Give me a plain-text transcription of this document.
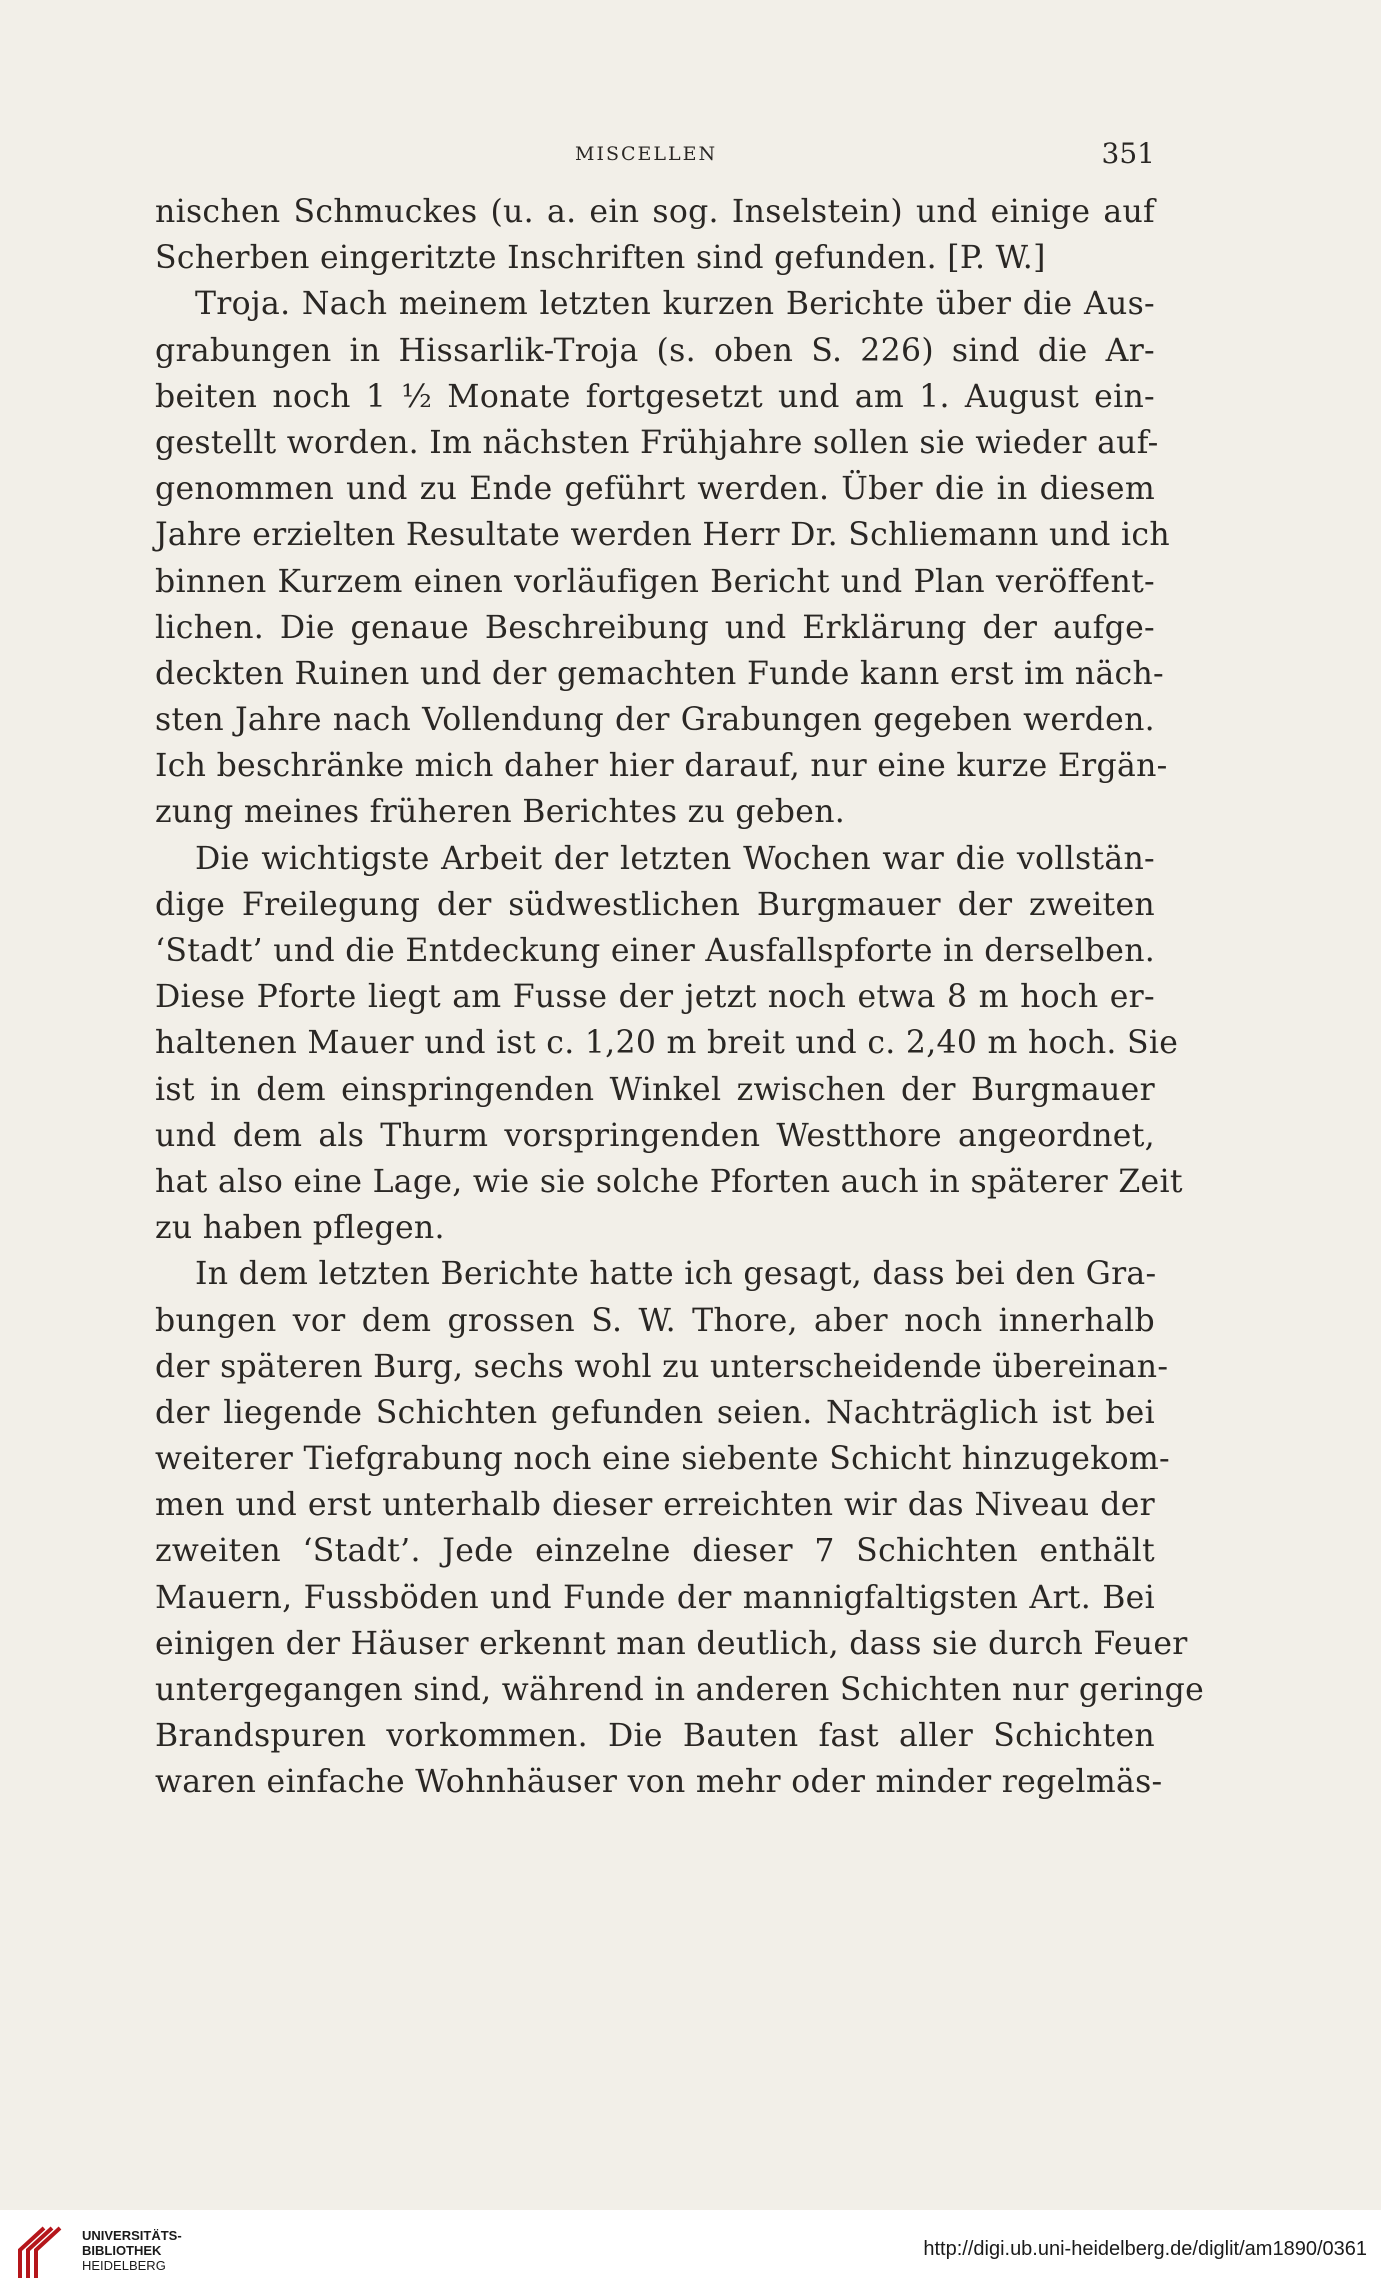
MISCELLEN	351
nischen Schmuckes (u. a. ein sog. Inselstein) und einige auf
Scherben eingeritzte Inschriften sind gefunden. [P. W.]
Troja. Nach meinem letzten kurzen Berichte über die Aus-
grabungen in Hissarlik-Troja (s. oben S. 226) sind die Ar-
beiten noch 1 ½ Monate fortgesetzt und am 1. August ein-
gestellt worden. Im nächsten Frühjahre sollen sie wieder auf-
genommen und zu Ende geführt werden. Über die in diesem
Jahre erzielten Resultate werden Herr Dr. Schliemann und ich
binnen Kurzem einen vorläufigen Bericht und Plan veröffent-
lichen. Die genaue Beschreibung und Erklärung der aufge-
deckten Ruinen und der gemachten Funde kann erst im näch-
sten Jahre nach Vollendung der Grabungen gegeben werden.
Ich beschränke mich daher hier darauf, nur eine kurze Ergän-
zung meines früheren Berichtes zu geben.
Die wichtigste Arbeit der letzten Wochen war die vollstän-
dige Freilegung der südwestlichen Burgmauer der zweiten
‘Stadt’ und die Entdeckung einer Ausfallspforte in derselben.
Diese Pforte liegt am Fusse der jetzt noch etwa 8 m hoch er-
haltenen Mauer und ist c. 1,20 m breit und c. 2,40 m hoch. Sie
ist in dem einspringenden Winkel zwischen der Burgmauer
und dem als Thurm vorspringenden Westthore angeordnet,
hat also eine Lage, wie sie solche Pforten auch in späterer Zeit
zu haben pflegen.
In dem letzten Berichte hatte ich gesagt, dass bei den Gra-
bungen vor dem grossen S. W. Thore, aber noch innerhalb
der späteren Burg, sechs wohl zu unterscheidende übereinan-
der liegende Schichten gefunden seien. Nachträglich ist bei
weiterer Tiefgrabung noch eine siebente Schicht hinzugekom-
men und erst unterhalb dieser erreichten wir das Niveau der
zweiten ‘Stadt’. Jede einzelne dieser 7 Schichten enthält
Mauern, Fussböden und Funde der mannigfaltigsten Art. Bei
einigen der Häuser erkennt man deutlich, dass sie durch Feuer
untergegangen sind, während in anderen Schichten nur geringe
Brandspuren vorkommen. Die Bauten fast aller Schichten
waren einfache Wohnhäuser von mehr oder minder regelmäs-
UNIVERSITÄTS-
BIBLIOTHEK
HEIDELBERG
http://digi.ub.uni-heidelberg.de/diglit/am1890/0361
